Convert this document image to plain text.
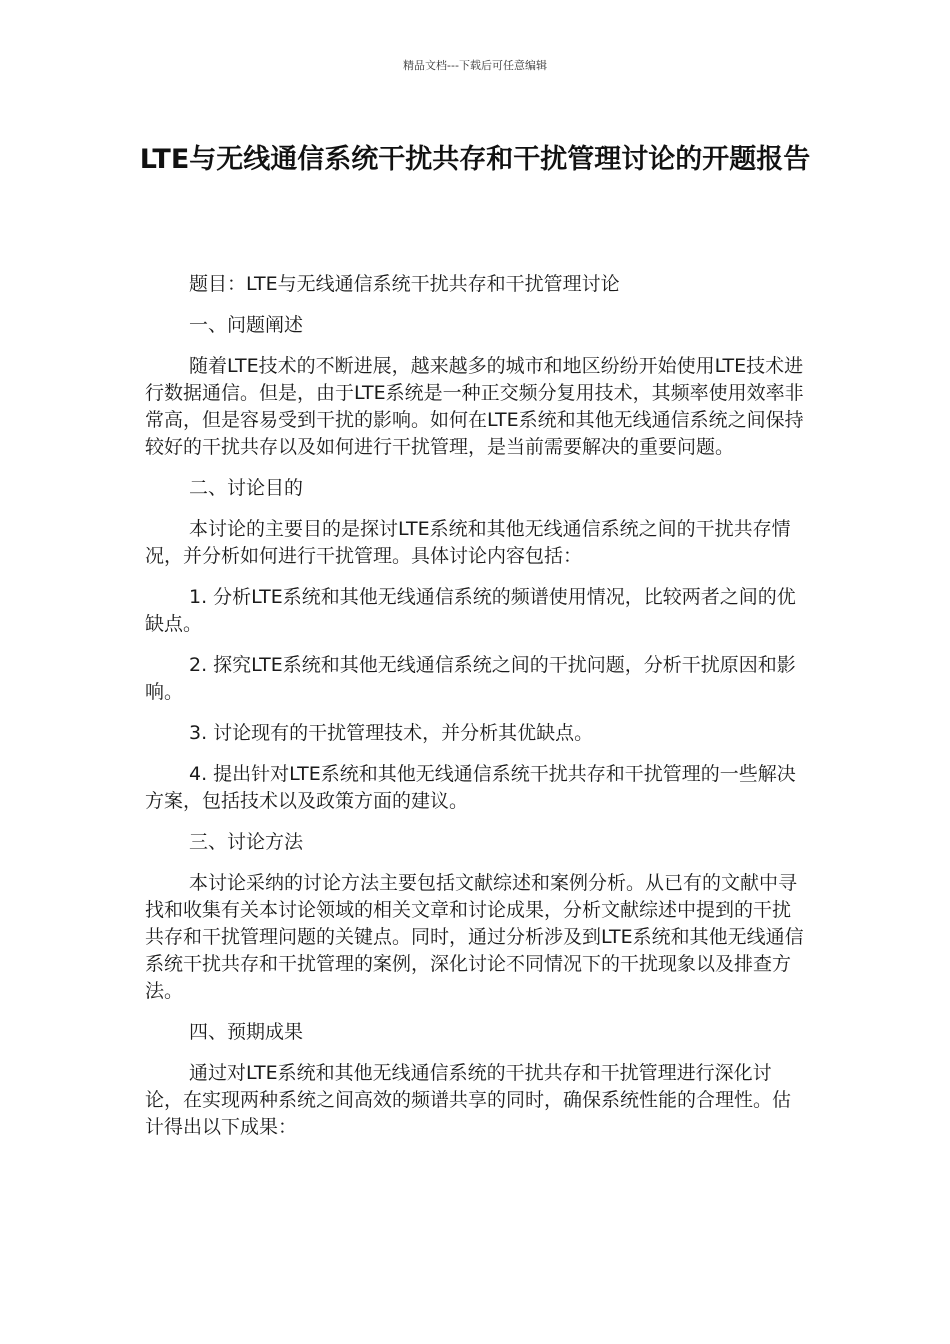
精品文档---下载后可任意编辑
LTE与无线通信系统干扰共存和干扰管理讨论的开题报告

题目：LTE与无线通信系统干扰共存和干扰管理讨论

一、问题阐述

随着LTE技术的不断进展，越来越多的城市和地区纷纷开始使用LTE技术进行数据通信。但是，由于LTE系统是一种正交频分复用技术，其频率使用效率非常高，但是容易受到干扰的影响。如何在LTE系统和其他无线通信系统之间保持较好的干扰共存以及如何进行干扰管理，是当前需要解决的重要问题。

二、讨论目的

本讨论的主要目的是探讨LTE系统和其他无线通信系统之间的干扰共存情况，并分析如何进行干扰管理。具体讨论内容包括：

1. 分析LTE系统和其他无线通信系统的频谱使用情况，比较两者之间的优缺点。

2. 探究LTE系统和其他无线通信系统之间的干扰问题，分析干扰原因和影响。

3. 讨论现有的干扰管理技术，并分析其优缺点。

4. 提出针对LTE系统和其他无线通信系统干扰共存和干扰管理的一些解决方案，包括技术以及政策方面的建议。

三、讨论方法

本讨论采纳的讨论方法主要包括文献综述和案例分析。从已有的文献中寻找和收集有关本讨论领域的相关文章和讨论成果，分析文献综述中提到的干扰共存和干扰管理问题的关键点。同时，通过分析涉及到LTE系统和其他无线通信系统干扰共存和干扰管理的案例，深化讨论不同情况下的干扰现象以及排查方法。

四、预期成果

通过对LTE系统和其他无线通信系统的干扰共存和干扰管理进行深化讨论，在实现两种系统之间高效的频谱共享的同时，确保系统性能的合理性。估计得出以下成果：
